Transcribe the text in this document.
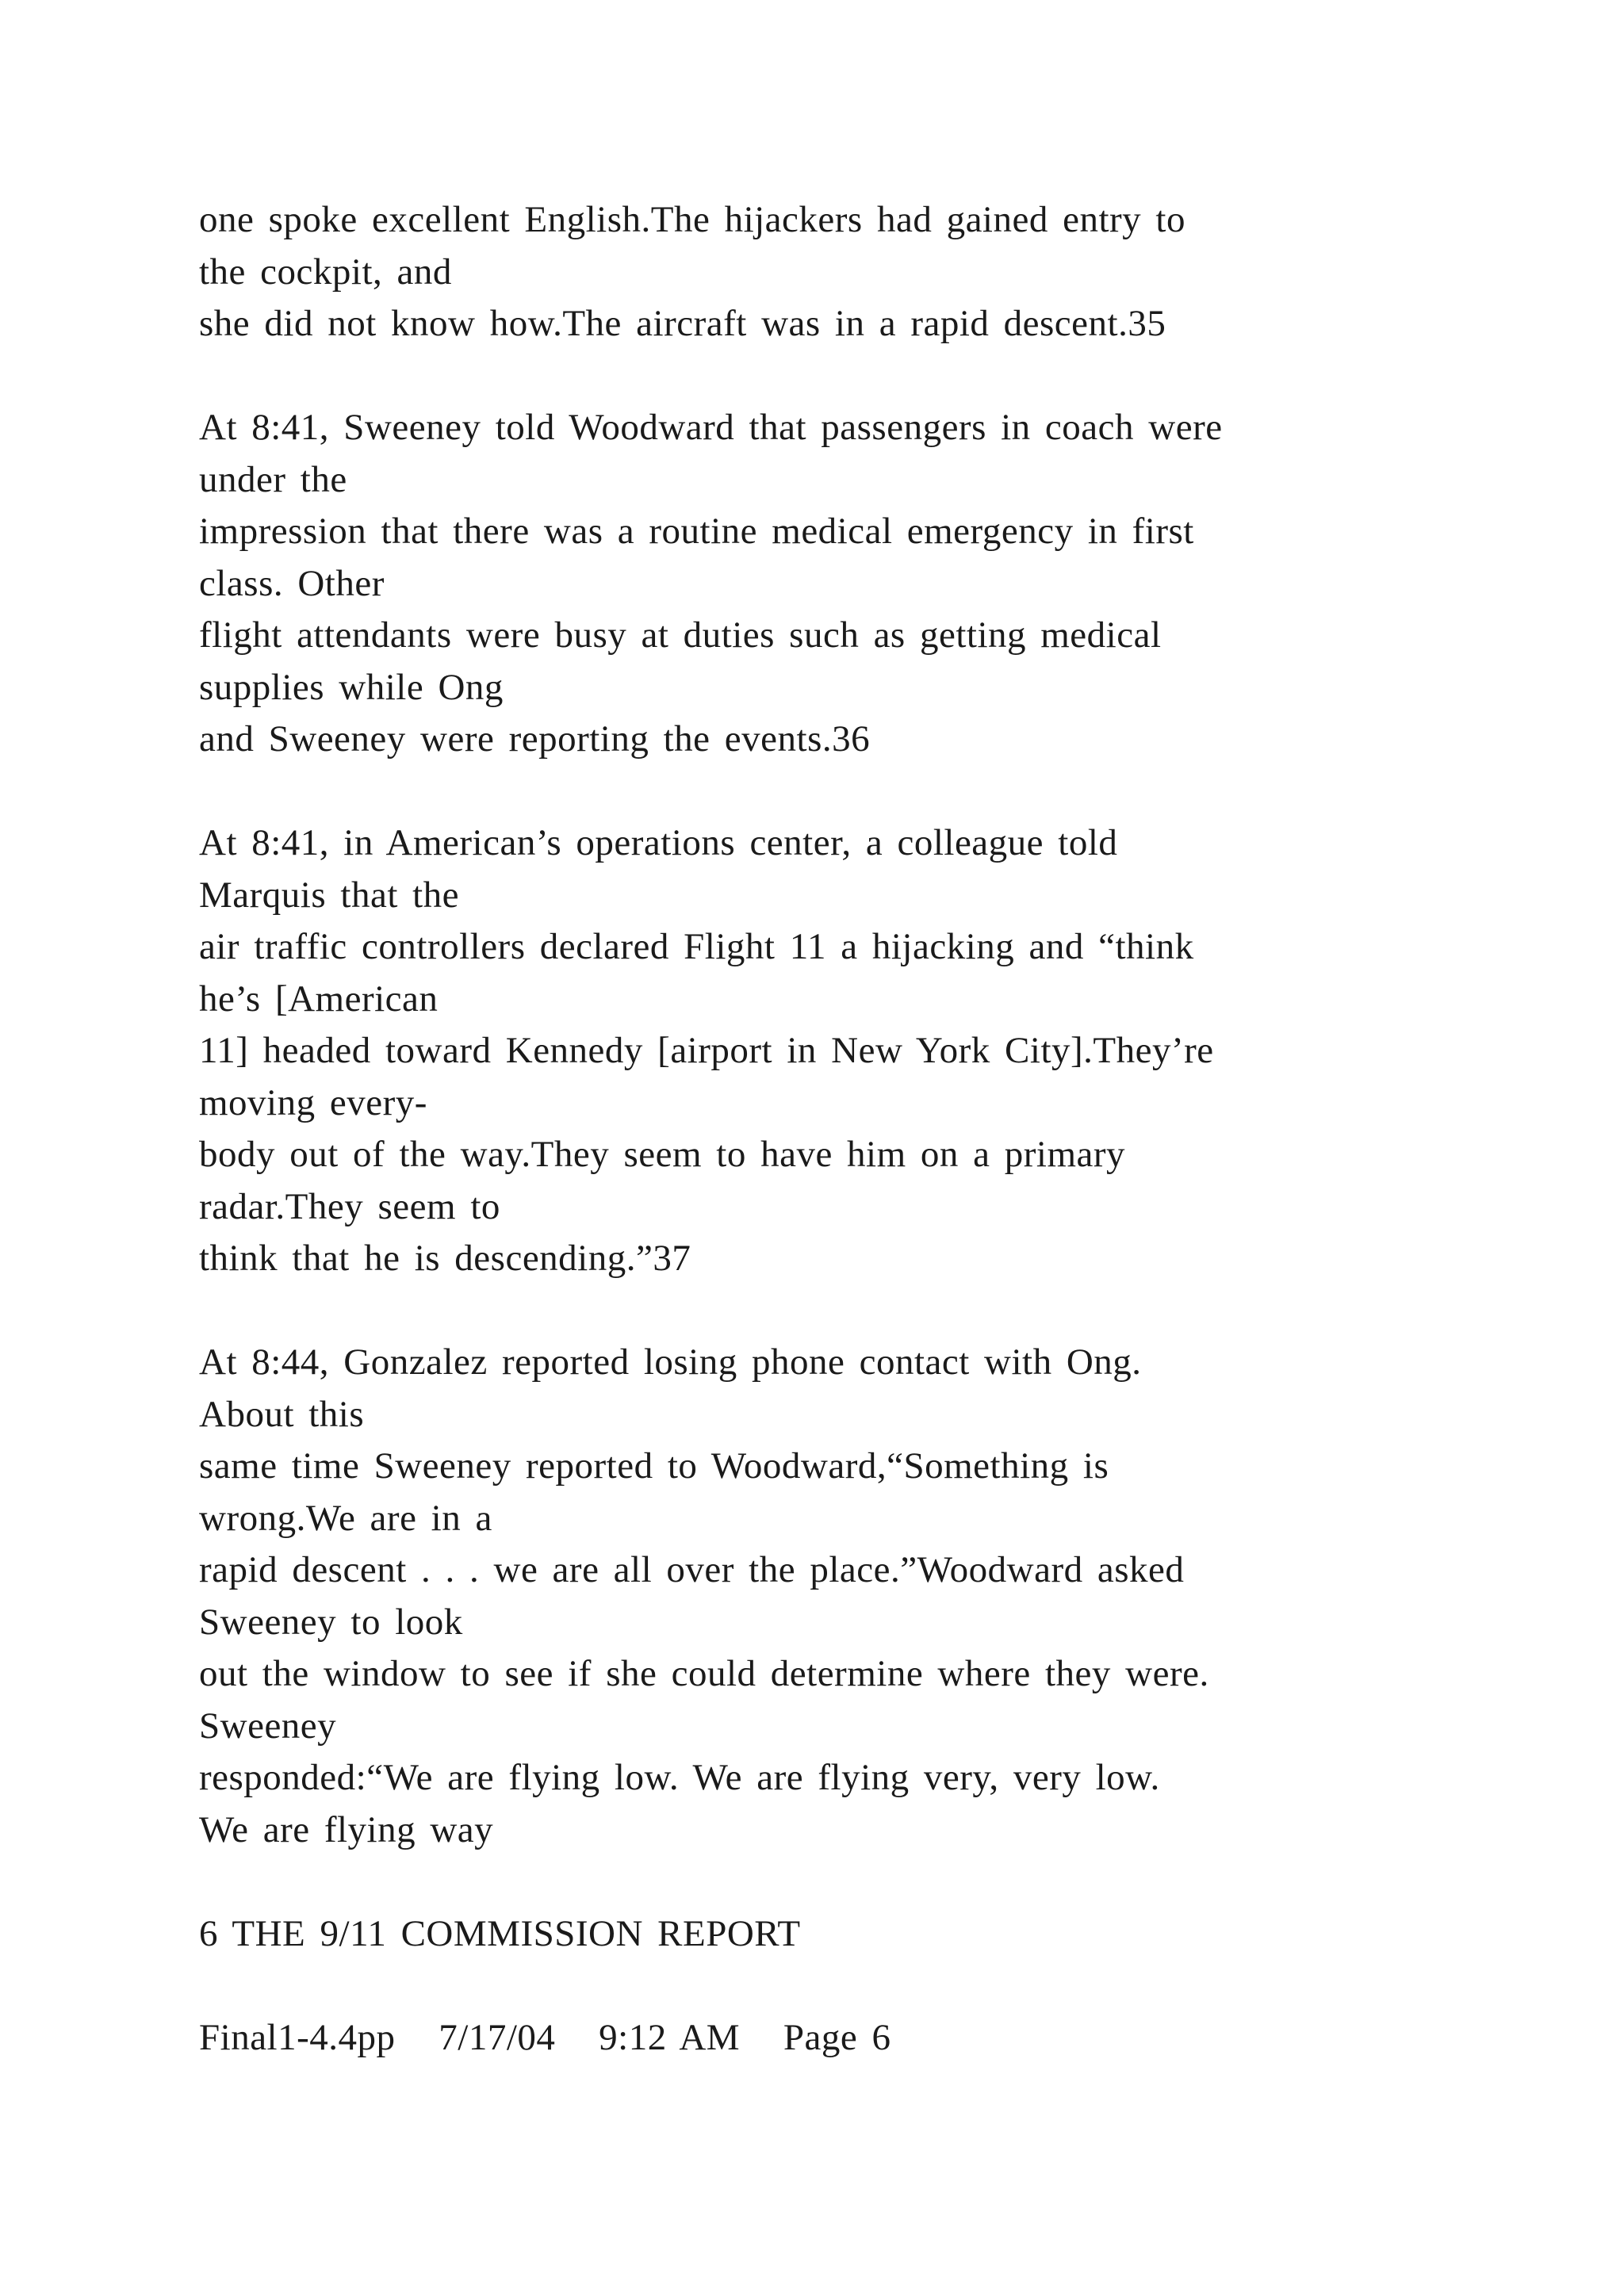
one spoke excellent English.The hijackers had gained entry to
the cockpit, and
she did not know how.The aircraft was in a rapid descent.35
At 8:41, Sweeney told Woodward that passengers in coach were
under the
impression that there was a routine medical emergency in first
class. Other
flight attendants were busy at duties such as getting medical
supplies while Ong
and Sweeney were reporting the events.36
At 8:41, in American’s operations center, a colleague told
Marquis that the
air traffic controllers declared Flight 11 a hijacking and “think
he’s [American
11] headed toward Kennedy [airport in New York City].They’re
moving every-
body out of the way.They seem to have him on a primary
radar.They seem to
think that he is descending.”37
At 8:44, Gonzalez reported losing phone contact with Ong.
About this
same time Sweeney reported to Woodward,“Something is
wrong.We are in a
rapid descent . . . we are all over the place.”Woodward asked
Sweeney to look
out the window to see if she could determine where they were.
Sweeney
responded:“We are flying low. We are flying very, very low.
We are flying way
6 THE 9/11 COMMISSION REPORT
Final1-4.4pp   7/17/04   9:12 AM   Page 6
